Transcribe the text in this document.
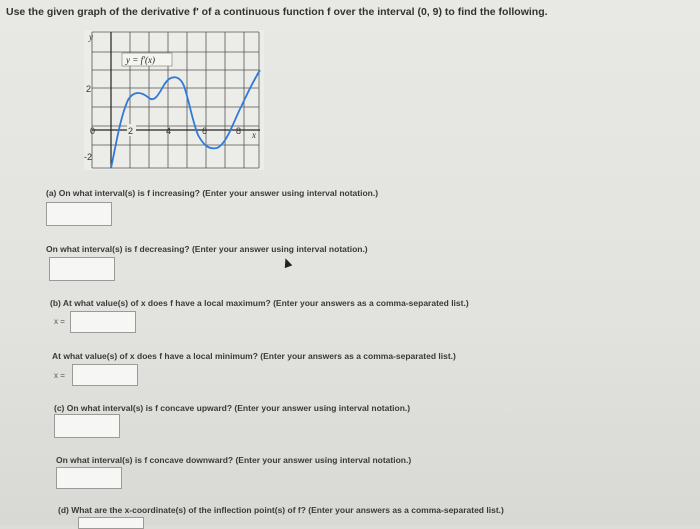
Use the given graph of the derivative f' of a continuous function f over the interval (0, 9) to find the following.
y = f'(x)
y
x
2	4	6	8
2
0
-2
(a) On what interval(s) is f increasing? (Enter your answer using interval notation.)
On what interval(s) is f decreasing? (Enter your answer using interval notation.)
(b) At what value(s) of x does f have a local maximum? (Enter your answers as a comma-separated list.)
x =
At what value(s) of x does f have a local minimum? (Enter your answers as a comma-separated list.)
x =
(c) On what interval(s) is f concave upward? (Enter your answer using interval notation.)
On what interval(s) is f concave downward? (Enter your answer using interval notation.)
(d) What are the x-coordinate(s) of the inflection point(s) of f? (Enter your answers as a comma-separated list.)
